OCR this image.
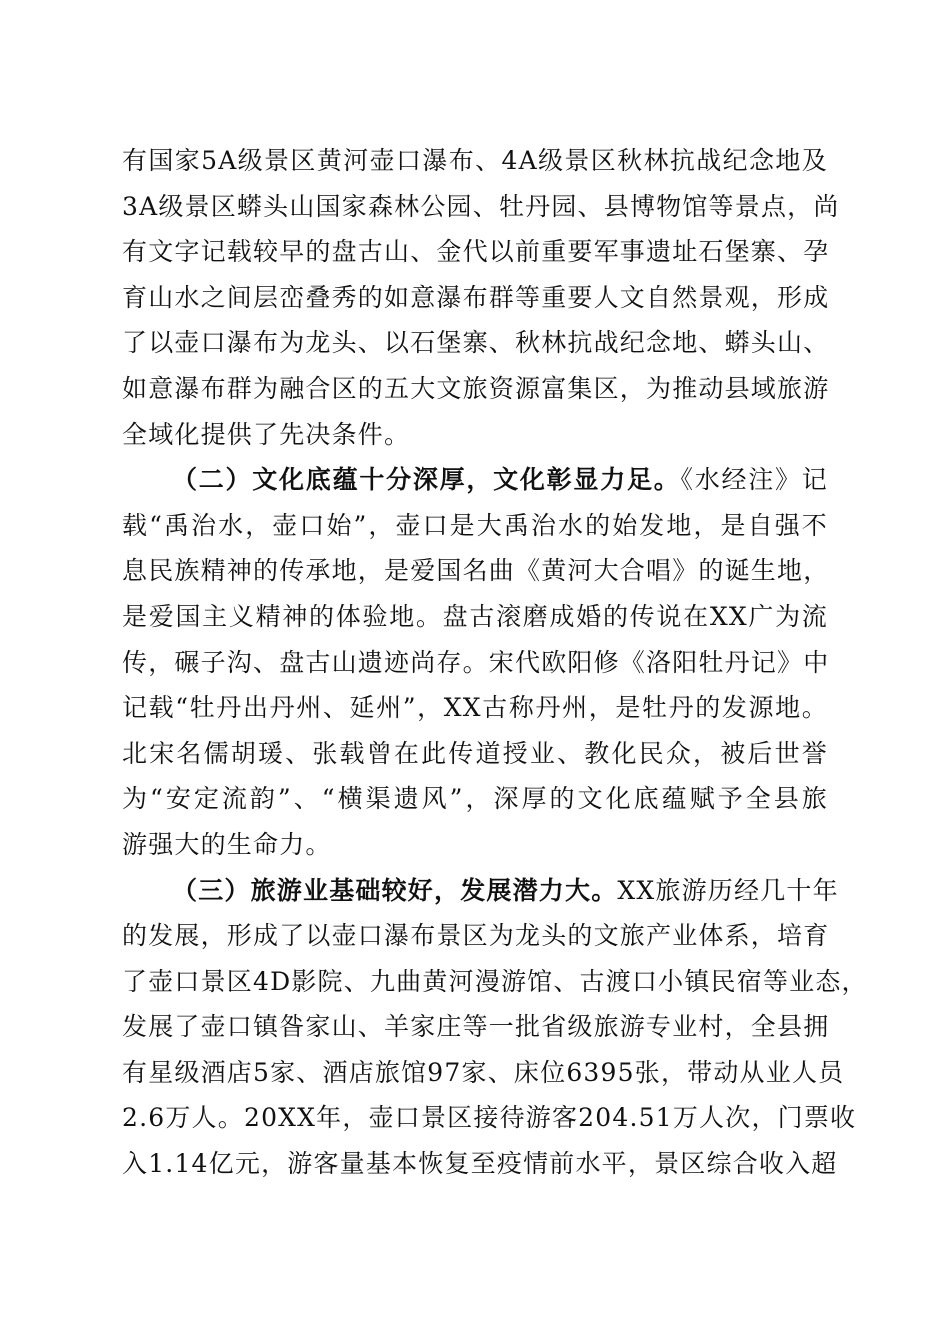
有国家5A级景区黄河壶口瀑布、4A级景区秋林抗战纪念地及
3A级景区蟒头山国家森林公园、牡丹园、县博物馆等景点，尚
有文字记载较早的盘古山、金代以前重要军事遗址石堡寨、孕
育山水之间层峦叠秀的如意瀑布群等重要人文自然景观，形成
了以壶口瀑布为龙头、以石堡寨、秋林抗战纪念地、蟒头山、
如意瀑布群为融合区的五大文旅资源富集区，为推动县域旅游
全域化提供了先决条件。
（二）文化底蕴十分深厚，文化彰显力足。《水经注》记
载“禹治水，壶口始”，壶口是大禹治水的始发地，是自强不
息民族精神的传承地，是爱国名曲《黄河大合唱》的诞生地，
是爱国主义精神的体验地。盘古滚磨成婚的传说在XX广为流
传，碾子沟、盘古山遗迹尚存。宋代欧阳修《洛阳牡丹记》中
记载“牡丹出丹州、延州”，XX古称丹州，是牡丹的发源地。
北宋名儒胡瑗、张载曾在此传道授业、教化民众，被后世誉
为“安定流韵”、“横渠遗风”，深厚的文化底蕴赋予全县旅
游强大的生命力。
（三）旅游业基础较好，发展潜力大。XX旅游历经几十年
的发展，形成了以壶口瀑布景区为龙头的文旅产业体系，培育
了壶口景区4D影院、九曲黄河漫游馆、古渡口小镇民宿等业态，
发展了壶口镇昝家山、羊家庄等一批省级旅游专业村，全县拥
有星级酒店5家、酒店旅馆97家、床位6395张，带动从业人员
2.6万人。20XX年，壶口景区接待游客204.51万人次，门票收
入1.14亿元，游客量基本恢复至疫情前水平，景区综合收入超
